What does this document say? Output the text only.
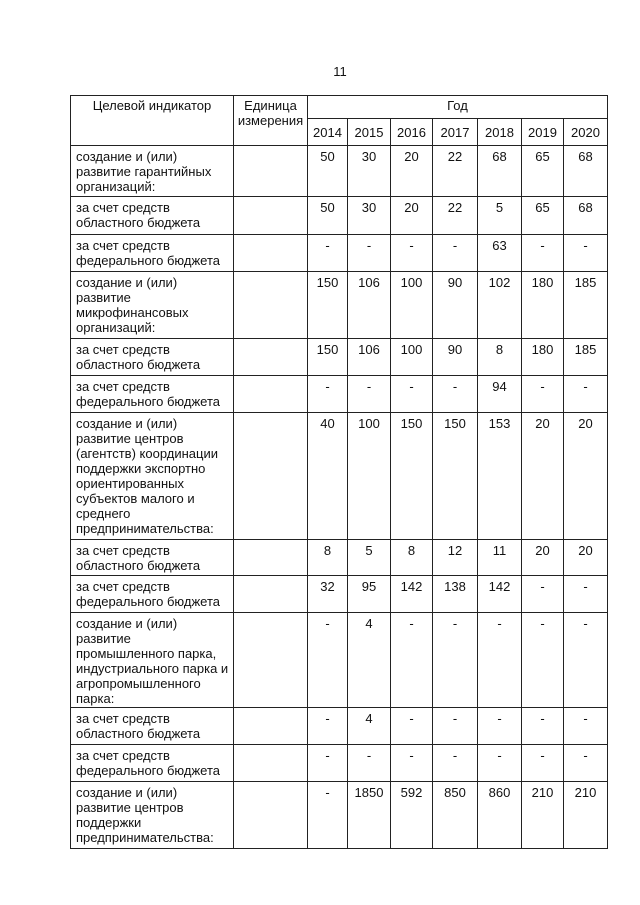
11
Целевой индикатор	Единица измерения
Год
2014 2015	2016	2017	2018	2019	2020
создание и (или)
развитие гарантийных
организаций:
50	30	20	22	68	65	68
за счет средств
областного бюджета
50	30	20	22	5	65	68
за счет средств
федерального бюджета
-	-	-	-	63	-	-
создание и (или)
развитие
микрофинансовых
организаций:
150	106	100	90	102	180	185
за счет средств
областного бюджета
150	106	100	90	8	180	185
за счет средств
федерального бюджета
-	-	-	-	94	-	-
создание и (или)
развитие центров
(агентств) координации
поддержки экспортно
ориентированных
субъектов малого и
среднего
предпринимательства:
40	100	150	150	153	20	20
за счет средств
областного бюджета
8	5	8	12	11	20	20
за счет средств
федерального бюджета
32	95	142	138	142	-	-
создание и (или)
развитие
промышленного парка,
индустриального парка и
агропромышленного
парка:
-	4	-	-	-	-	-
за счет средств
областного бюджета
-	4	-	-	-	-	-
за счет средств
федерального бюджета
-	-	-	-	-	-	-
создание и (или)
развитие центров
поддержки
предпринимательства:
-	1850	592	850	860	210	210
